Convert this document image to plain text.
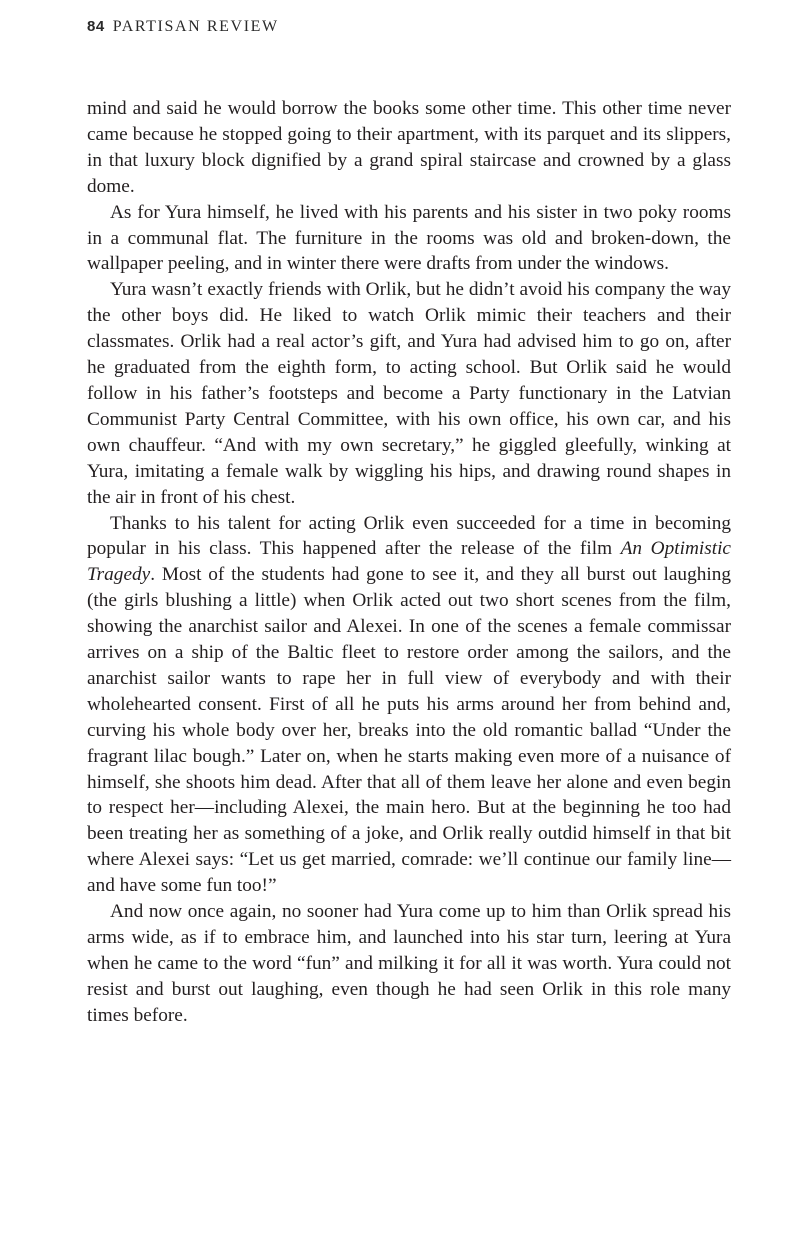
84 PARTISAN REVIEW

mind and said he would borrow the books some other time. This other time never came because he stopped going to their apartment, with its parquet and its slippers, in that luxury block dignified by a grand spiral staircase and crowned by a glass dome.

As for Yura himself, he lived with his parents and his sister in two poky rooms in a communal flat. The furniture in the rooms was old and broken-down, the wallpaper peeling, and in winter there were drafts from under the windows.

Yura wasn’t exactly friends with Orlik, but he didn’t avoid his company the way the other boys did. He liked to watch Orlik mimic their teachers and their classmates. Orlik had a real actor’s gift, and Yura had advised him to go on, after he graduated from the eighth form, to acting school. But Orlik said he would follow in his father’s footsteps and become a Party functionary in the Latvian Communist Party Central Committee, with his own office, his own car, and his own chauffeur. “And with my own secretary,” he giggled gleefully, winking at Yura, imitating a female walk by wiggling his hips, and drawing round shapes in the air in front of his chest.

Thanks to his talent for acting Orlik even succeeded for a time in becoming popular in his class. This happened after the release of the film An Optimistic Tragedy. Most of the students had gone to see it, and they all burst out laughing (the girls blushing a little) when Orlik acted out two short scenes from the film, showing the anarchist sailor and Alexei. In one of the scenes a female commissar arrives on a ship of the Baltic fleet to restore order among the sailors, and the anarchist sailor wants to rape her in full view of everybody and with their wholehearted consent. First of all he puts his arms around her from behind and, curving his whole body over her, breaks into the old romantic ballad “Under the fragrant lilac bough.” Later on, when he starts making even more of a nuisance of himself, she shoots him dead. After that all of them leave her alone and even begin to respect her—including Alexei, the main hero. But at the beginning he too had been treating her as something of a joke, and Orlik really outdid himself in that bit where Alexei says: “Let us get married, comrade: we’ll continue our family line—and have some fun too!”

And now once again, no sooner had Yura come up to him than Orlik spread his arms wide, as if to embrace him, and launched into his star turn, leering at Yura when he came to the word “fun” and milking it for all it was worth. Yura could not resist and burst out laughing, even though he had seen Orlik in this role many times before.
